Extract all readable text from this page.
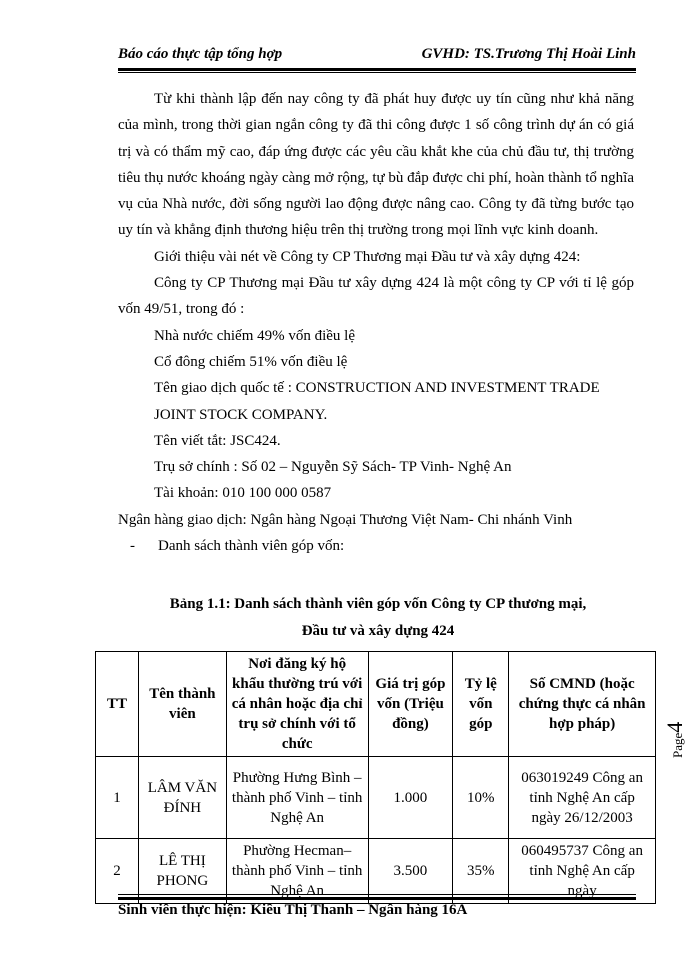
Báo cáo thực tập tổng hợp	GVHD: TS.Trương Thị Hoài Linh

Từ khi thành lập đến nay công ty đã phát huy được uy tín cũng như khả năng của mình, trong thời gian ngắn công ty đã thi công được 1 số công trình dự án có giá trị và có thẩm mỹ cao, đáp ứng được các yêu cầu khắt khe của chủ đầu tư, thị trường tiêu thụ nước khoáng ngày càng mở rộng, tự bù đắp được chi phí, hoàn thành tổ nghĩa vụ của Nhà nước, đời sống người lao động được nâng cao. Công ty đã từng bước tạo uy tín và khẳng định thương hiệu trên thị trường trong mọi lĩnh vực kinh doanh.

Giới thiệu vài nét về Công ty CP Thương mại Đầu tư và xây dựng 424:

Công ty CP Thương mại Đầu tư xây dựng 424 là một công ty CP với tỉ lệ góp vốn 49/51, trong đó :

Nhà nước chiếm 49% vốn điều lệ

Cổ đông chiếm 51% vốn điều lệ

Tên giao dịch quốc tế : CONSTRUCTION AND INVESTMENT TRADE JOINT STOCK COMPANY.

Tên viết tắt: JSC424.

Trụ sở chính : Số 02 – Nguyễn Sỹ Sách- TP Vinh- Nghệ An

Tài khoản: 010 100 000 0587

Ngân hàng giao dịch: Ngân hàng Ngoại Thương Việt Nam- Chi nhánh Vinh

- Danh sách thành viên góp vốn:

Bảng 1.1: Danh sách thành viên góp vốn Công ty CP thương mại,
Đầu tư và xây dựng 424
TT	Tên thành viên	Nơi đăng ký hộ khẩu thường trú với cá nhân hoặc địa chỉ trụ sở chính với tổ chức	Giá trị góp vốn (Triệu đồng)	Tỷ lệ vốn góp	Số CMND (hoặc chứng thực cá nhân hợp pháp)
1	LÂM VĂN ĐÍNH	Phường Hưng Bình – thành phố Vinh – tỉnh Nghệ An	1.000	10%	063019249 Công an tỉnh Nghệ An cấp ngày 26/12/2003
2	LÊ THỊ PHONG	Phường Hecman– thành phố Vinh – tỉnh Nghệ An	3.500	35%	060495737 Công an tỉnh Nghệ An cấp ngày
Page4
Sinh viên thực hiện: Kiều Thị Thanh – Ngân hàng 16A
